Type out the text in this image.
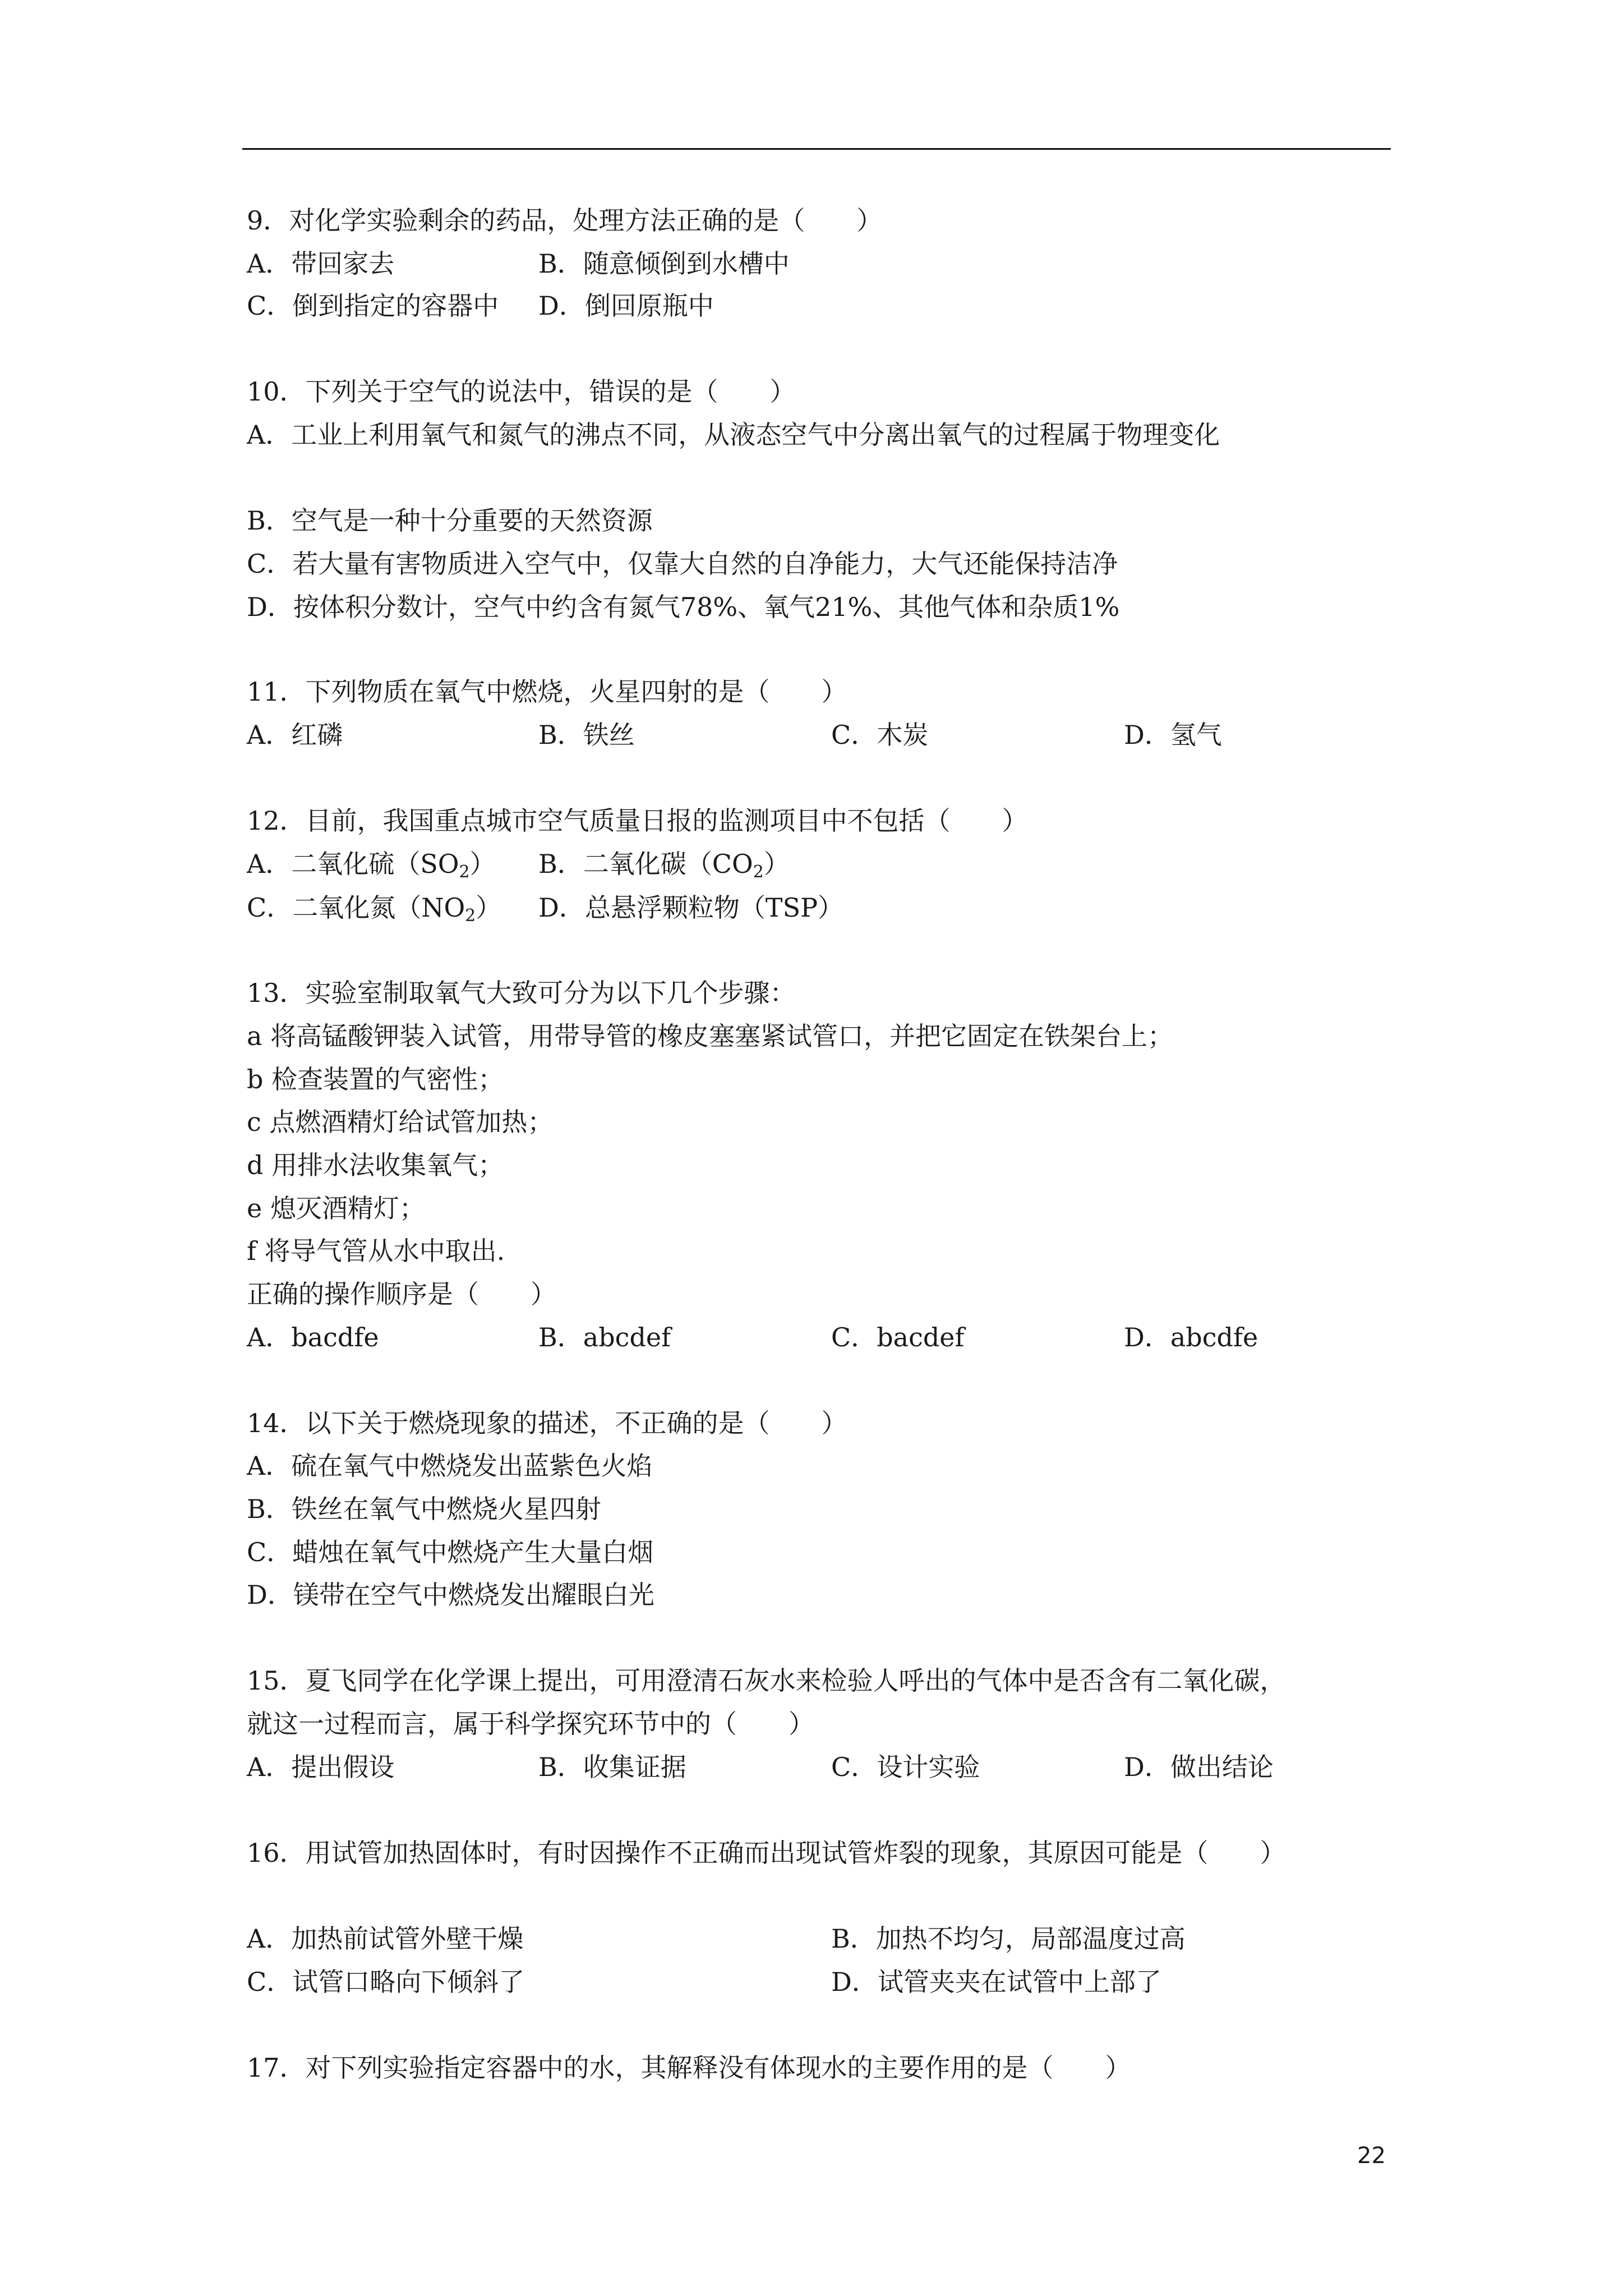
9．对化学实验剩余的药品，处理方法正确的是（　　）
A．带回家去	B．随意倾倒到水槽中
C．倒到指定的容器中 D．倒回原瓶中
10．下列关于空气的说法中，错误的是（　　）
A．工业上利用氧气和氮气的沸点不同，从液态空气中分离出氧气的过程属于物理变化
B．空气是一种十分重要的天然资源
C．若大量有害物质进入空气中，仅靠大自然的自净能力，大气还能保持洁净
D．按体积分数计，空气中约含有氮气78%、氧气21%、其他气体和杂质1%
11．下列物质在氧气中燃烧，火星四射的是（　　）
A．红磷	B．铁丝	C．木炭	D．氢气
12．目前，我国重点城市空气质量日报的监测项目中不包括（　　）
A．二氧化硫$(SO_2)$ B．二氧化碳$(CO_2)$
C．二氧化氮$(NO_2)$ D．总悬浮颗粒物（TSP）
13．实验室制取氧气大致可分为以下几个步骤：
a 将高锰酸钾装入试管，用带导管的橡皮塞塞紧试管口，并把它固定在铁架台上；
b 检查装置的气密性；
c 点燃酒精灯给试管加热；
d 用排水法收集氧气；
e 熄灭酒精灯；
f 将导气管从水中取出.
正确的操作顺序是（　　）
A．bacdfe	B．abcdef	C．bacdef	D．abcdfe
14．以下关于燃烧现象的描述，不正确的是（　　）
A．硫在氧气中燃烧发出蓝紫色火焰
B．铁丝在氧气中燃烧火星四射
C．蜡烛在氧气中燃烧产生大量白烟
D．镁带在空气中燃烧发出耀眼白光
15．夏飞同学在化学课上提出，可用澄清石灰水来检验人呼出的气体中是否含有二氧化碳，
就这一过程而言，属于科学探究环节中的（　　）
A．提出假设	B．收集证据	C．设计实验	D．做出结论
16．用试管加热固体时，有时因操作不正确而出现试管炸裂的现象，其原因可能是（　　）
A．加热前试管外壁干燥	B．加热不均匀，局部温度过高
C．试管口略向下倾斜了	D．试管夹夹在试管中上部了
17．对下列实验指定容器中的水，其解释没有体现水的主要作用的是（　　）
22
